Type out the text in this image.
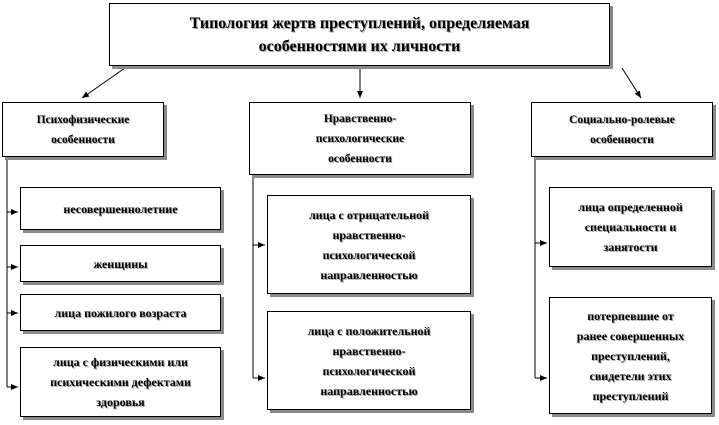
Типология жертв преступлений, определяемая
особенностями их личности
Психофизические
особенности
Нравственно-
психологические
особенности
Социально-ролевые
особенности
несовершеннолетние
женщины
лица пожилого возраста
лица с физическими или
психическими дефектами
здоровья
лица с отрицательной
нравственно-
психологической
направленностью
лица с положительной
нравственно-
психологической
направленностью
лица определенной
специальности и
занятости
потерпевшие от
ранее совершенных
преступлений,
свидетели этих
преступлений
